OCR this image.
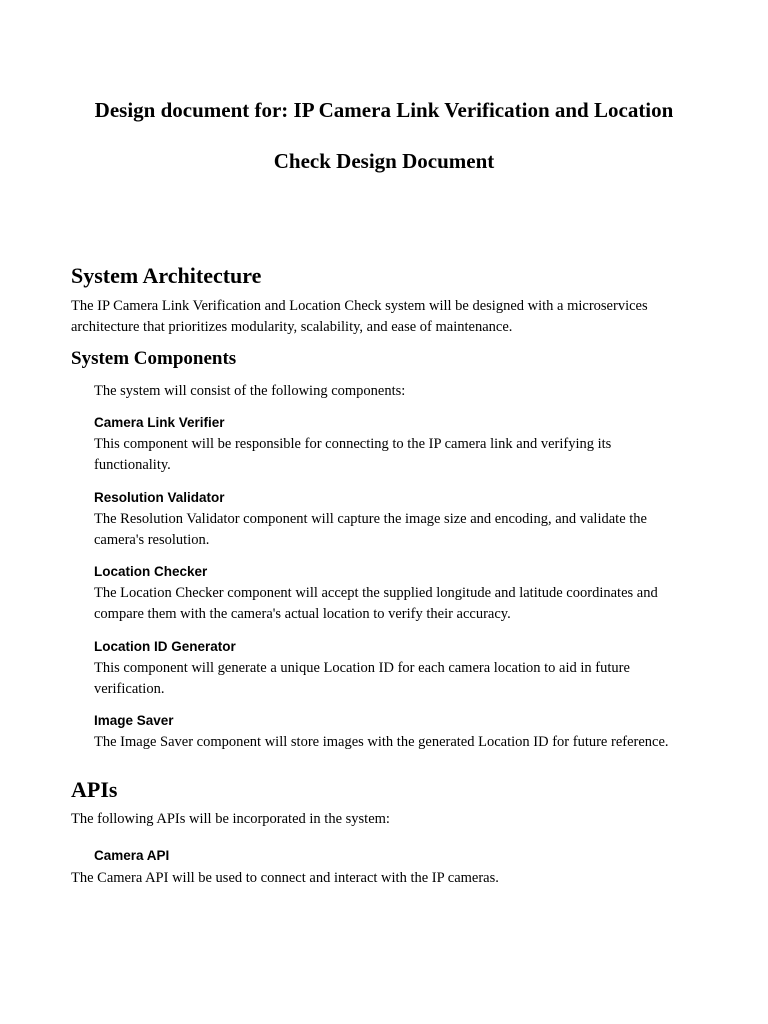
Design document for: IP Camera Link Verification and Location
Check Design Document
System Architecture

The IP Camera Link Verification and Location Check system will be designed with a microservices
architecture that prioritizes modularity, scalability, and ease of maintenance.

System Components

The system will consist of the following components:

Camera Link Verifier

This component will be responsible for connecting to the IP camera link and verifying its
functionality.

Resolution Validator

The Resolution Validator component will capture the image size and encoding, and validate the
camera's resolution.

Location Checker

The Location Checker component will accept the supplied longitude and latitude coordinates and
compare them with the camera's actual location to verify their accuracy.

Location ID Generator

This component will generate a unique Location ID for each camera location to aid in future
verification.

Image Saver

The Image Saver component will store images with the generated Location ID for future reference.

APIs

The following APIs will be incorporated in the system:

Camera API

The Camera API will be used to connect and interact with the IP cameras.
